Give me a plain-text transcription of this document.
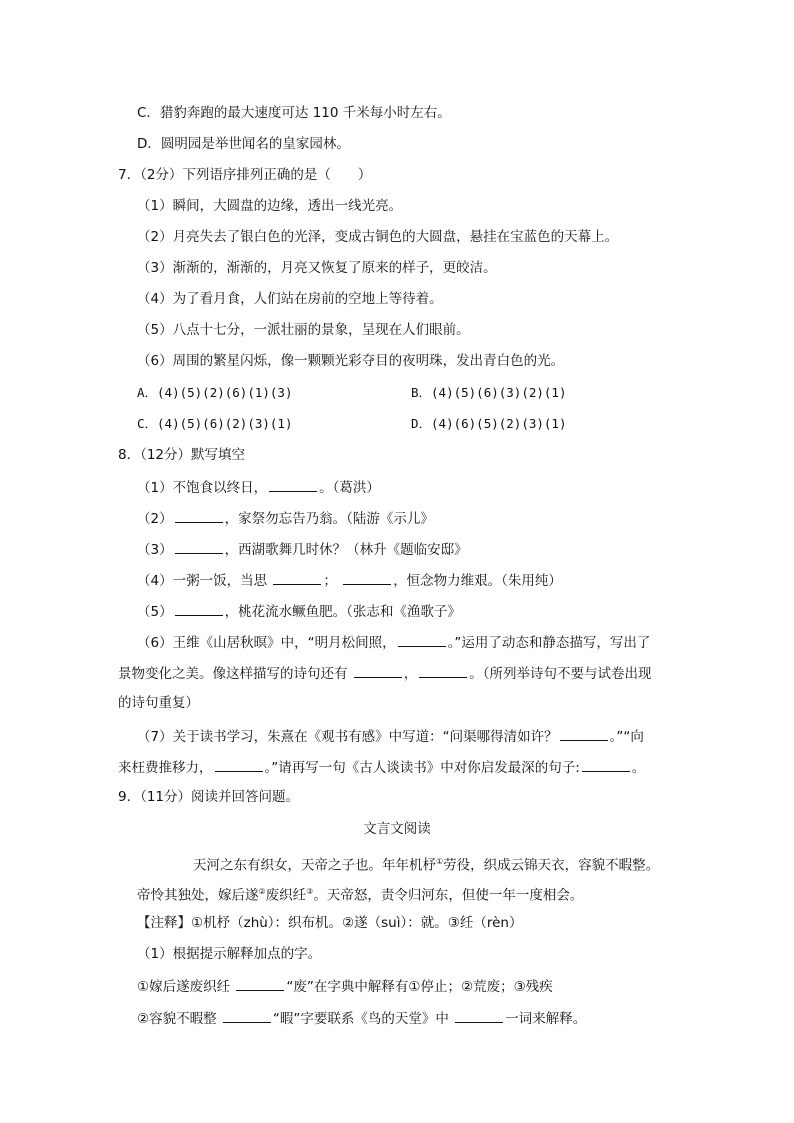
C．猎豹奔跑的最大速度可达 110 千米每小时左右。
D．圆明园是举世闻名的皇家园林。
7．（2分）下列语序排列正确的是（　　）
（1）瞬间，大圆盘的边缘，透出一线光亮。
（2）月亮失去了银白色的光泽，变成古铜色的大圆盘，悬挂在宝蓝色的天幕上。
（3）渐渐的，渐渐的，月亮又恢复了原来的样子，更皎洁。
（4）为了看月食，人们站在房前的空地上等待着。
（5）八点十七分，一派壮丽的景象，呈现在人们眼前。
（6）周围的繁星闪烁，像一颗颗光彩夺目的夜明珠，发出青白色的光。
A．(4)(5)(2)(6)(1)(3)	B．(4)(5)(6)(3)(2)(1)
C．(4)(5)(6)(2)(3)(1)	D．(4)(6)(5)(2)(3)(1)
8．（12分）默写填空
（1）不饱食以终日，	。（葛洪）
（2）	，家祭勿忘告乃翁。（陆游《示儿》
（3）	，西湖歌舞几时休？（林升《题临安邸》
（4）一粥一饭，当思	；	，恒念物力维艰。（朱用纯）
（5）	，桃花流水鳜鱼肥。（张志和《渔歌子》
（6）王维《山居秋暝》中，“明月松间照，	。”运用了动态和静态描写，写出了
景物变化之美。像这样描写的诗句还有	，	。（所列举诗句不要与试卷出现
的诗句重复）
（7）关于读书学习，朱熹在《观书有感》中写道：“问渠哪得清如许？	。”“向
来枉费推移力，	。”请再写一句《古人谈读书》中对你启发最深的句子:	。
9．（11分）阅读并回答问题。
文言文阅读
天河之东有织女，天帝之子也。年年机杼①劳役，织成云锦天衣，容貌不暇整。
帝怜其独处，嫁后遂②废织纴③。天帝怒，责令归河东，但使一年一度相会。
【注释】①机杼（zhù）：织布机。②遂（suì）：就。③纴（rèn）
（1）根据提示解释加点的字。
①嫁后遂废织纴	“废”在字典中解释有①停止；②荒废；③残疾
②容貌不暇整	“暇”字要联系《鸟的天堂》中	一词来解释。
